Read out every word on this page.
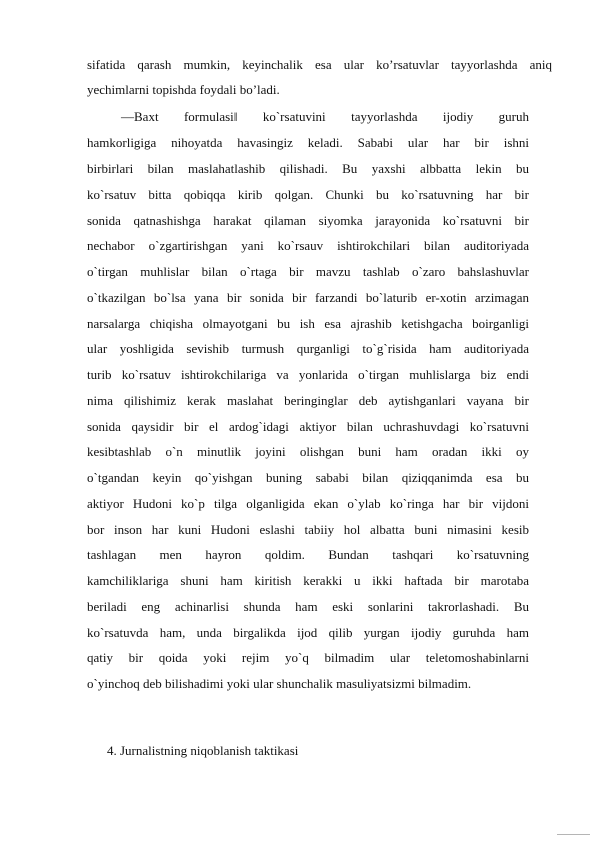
sifatida qarash mumkin, keyinchalik esa ular ko’rsatuvlar tayyorlashda aniq
yechimlarni topishda foydali bo’ladi.
―Baxt formulasi‖ ko`rsatuvini tayyorlashda ijodiy guruh
hamkorligiga nihoyatda havasingiz keladi. Sababi ular har bir ishni
birbirlari bilan maslahatlashib qilishadi. Bu yaxshi albbatta lekin bu
ko`rsatuv bitta qobiqqa kirib qolgan. Chunki bu ko`rsatuvning har bir
sonida qatnashishga harakat qilaman siyomka jarayonida ko`rsatuvni bir
nechabor o`zgartirishgan yani ko`rsauv ishtirokchilari bilan auditoriyada
o`tirgan muhlislar bilan o`rtaga bir mavzu tashlab o`zaro bahslashuvlar
o`tkazilgan bo`lsa yana bir sonida bir farzandi bo`laturib er-xotin arzimagan
narsalarga chiqisha olmayotgani bu ish esa ajrashib ketishgacha boirganligi
ular yoshligida sevishib turmush qurganligi to`g`risida ham auditoriyada
turib ko`rsatuv ishtirokchilariga va yonlarida o`tirgan muhlislarga biz endi
nima qilishimiz kerak maslahat beringinglar deb aytishganlari vayana bir
sonida qaysidir bir el ardog`idagi aktiyor bilan uchrashuvdagi ko`rsatuvni
kesibtashlab o`n minutlik joyini olishgan buni ham oradan ikki oy
o`tgandan keyin qo`yishgan buning sababi bilan qiziqqanimda esa bu
aktiyor Hudoni ko`p tilga olganligida ekan o`ylab ko`ringa har bir vijdoni
bor inson har kuni Hudoni eslashi tabiiy hol albatta buni nimasini kesib
tashlagan men hayron qoldim. Bundan tashqari ko`rsatuvning
kamchiliklariga shuni ham kiritish kerakki u ikki haftada bir marotaba
beriladi eng achinarlisi shunda ham eski sonlarini takrorlashadi. Bu
ko`rsatuvda ham, unda birgalikda ijod qilib yurgan ijodiy guruhda ham
qatiy bir qoida yoki rejim yo`q bilmadim ular teletomoshabinlarni
o`yinchoq deb bilishadimi yoki ular shunchalik masuliyatsizmi bilmadim.
4. Jurnalistning niqoblanish taktikasi
